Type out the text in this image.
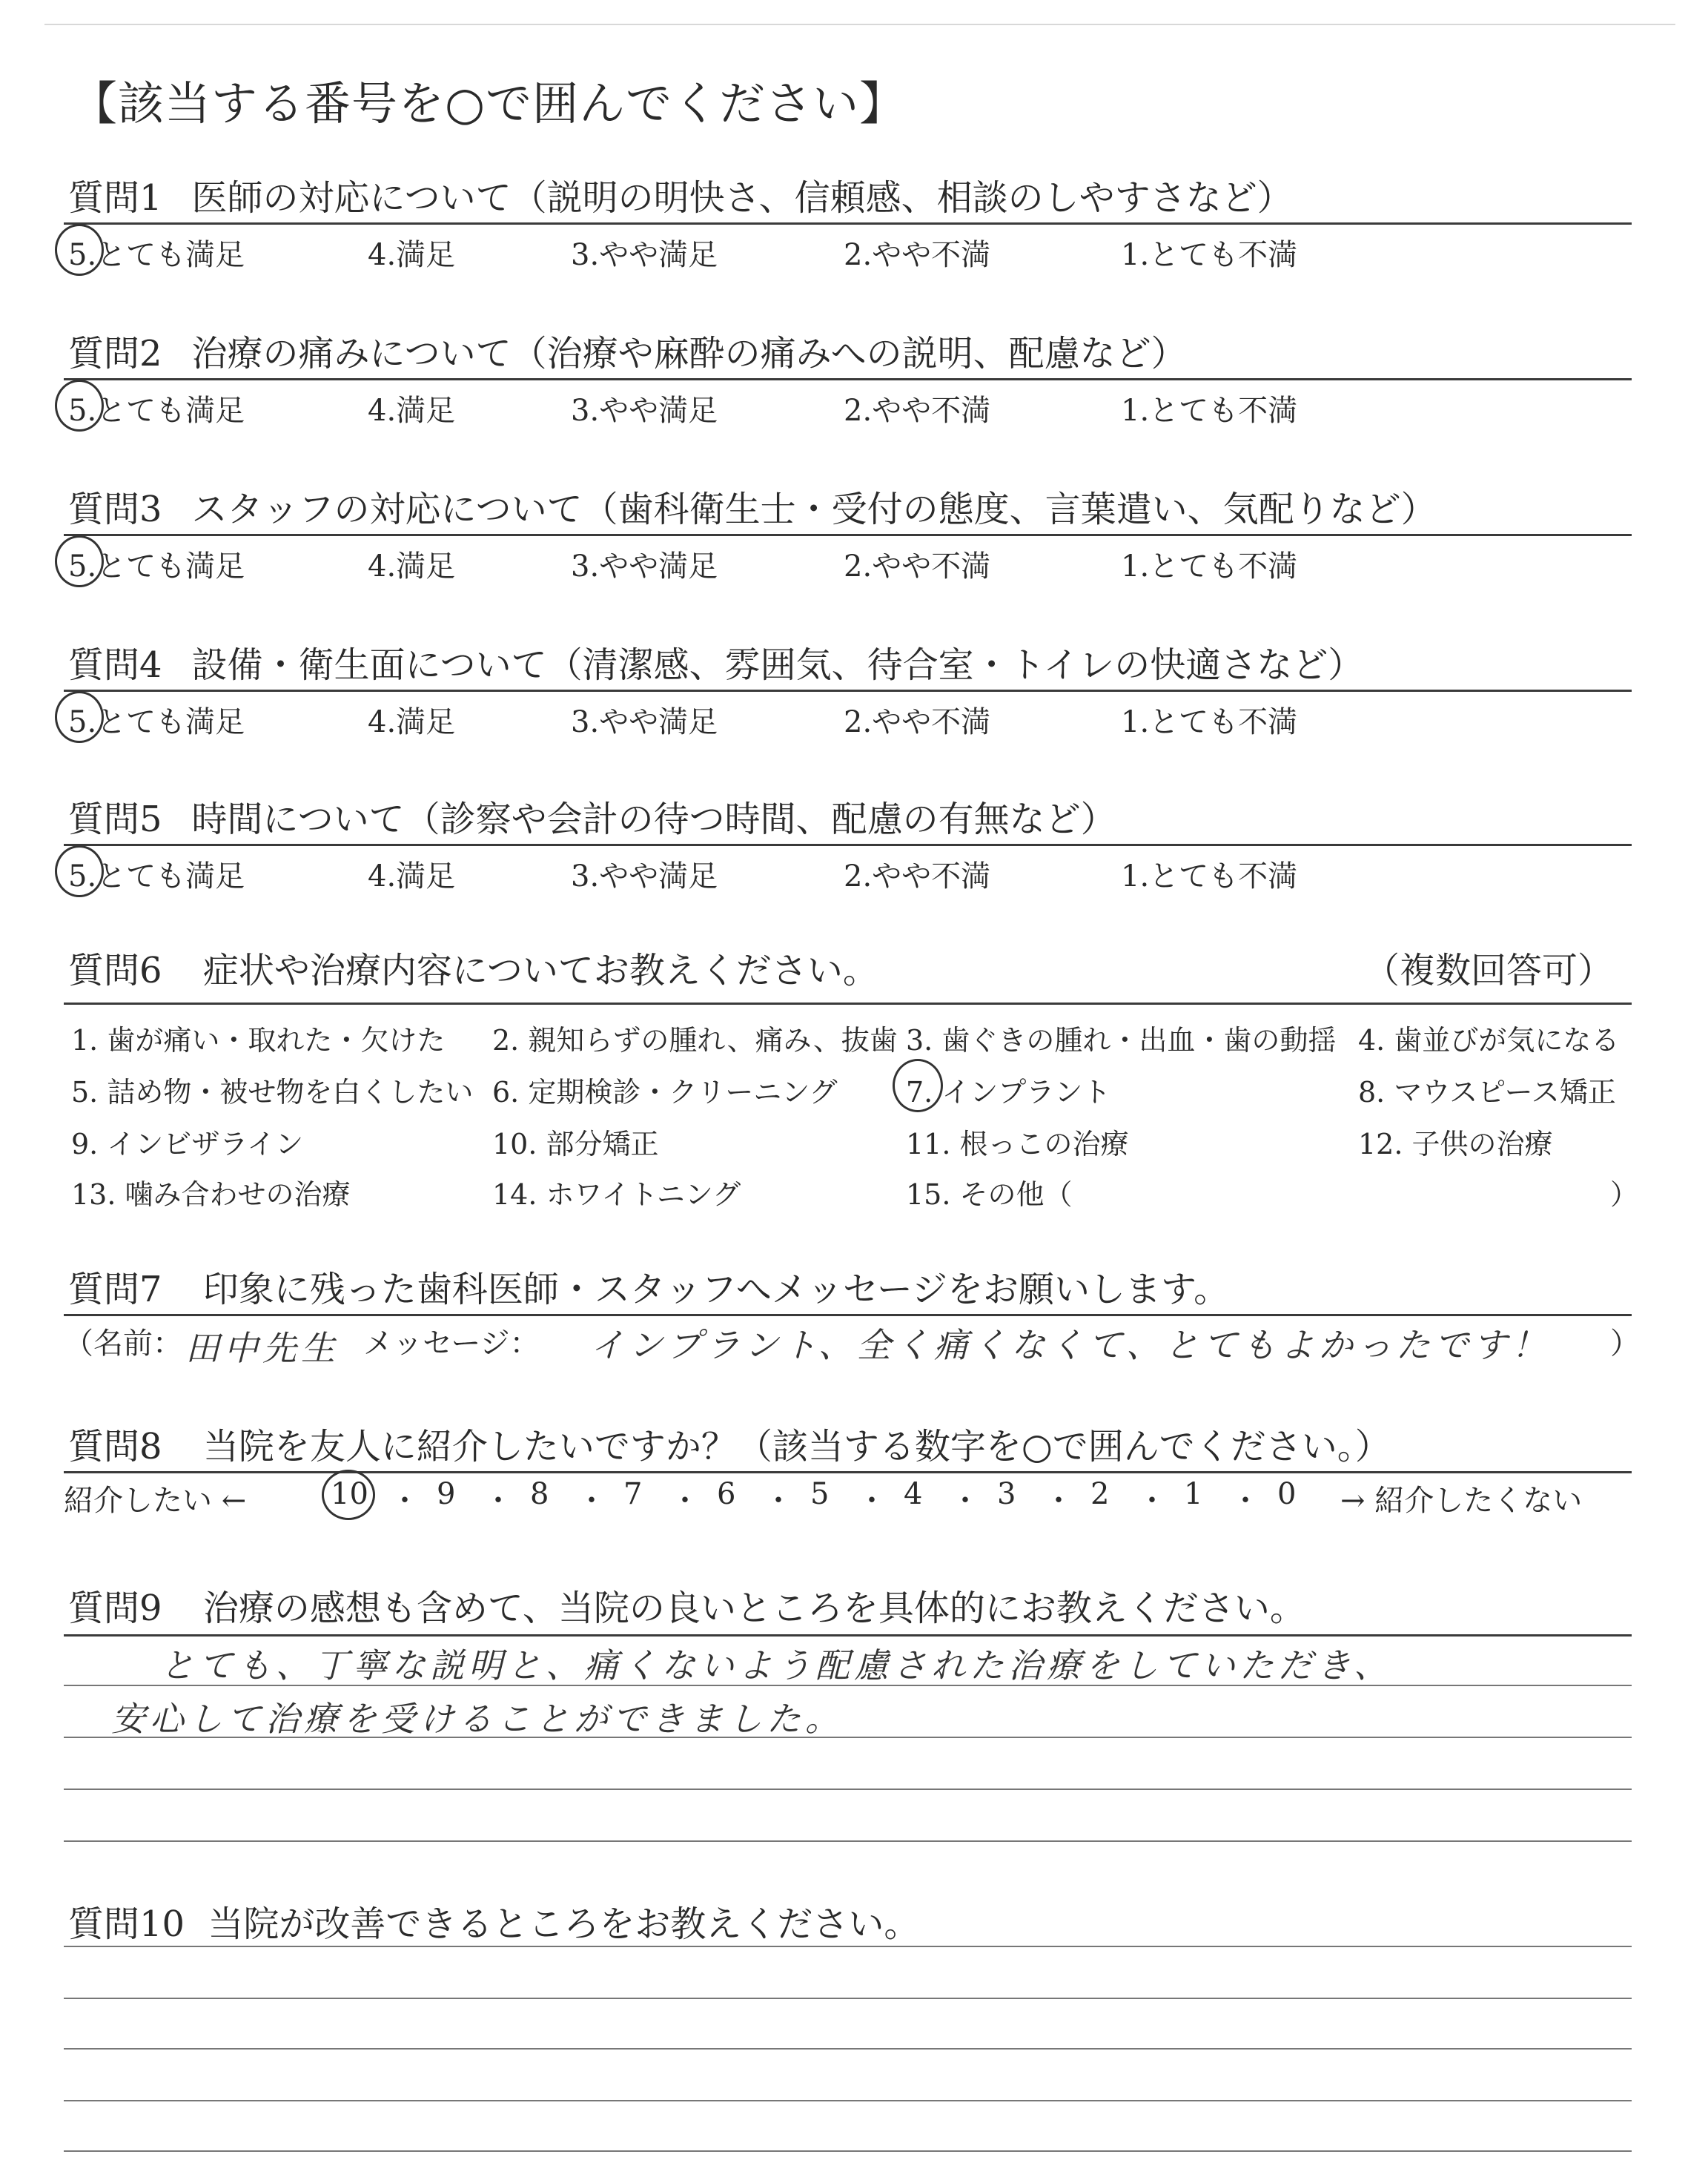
【該当する番号を○で囲んでください】
質問1 医師の対応について（説明の明快さ、信頼感、相談のしやすさなど）
5.とても満足	4.満足	3.やや満足	2.やや不満	1.とても不満
質問2 治療の痛みについて（治療や麻酔の痛みへの説明、配慮など）
5.とても満足	4.満足	3.やや満足	2.やや不満	1.とても不満
質問3 スタッフの対応について（歯科衛生士・受付の態度、言葉遣い、気配りなど）
5.とても満足	4.満足	3.やや満足	2.やや不満	1.とても不満
質問4 設備・衛生面について（清潔感、雰囲気、待合室・トイレの快適さなど）
5.とても満足	4.満足	3.やや満足	2.やや不満	1.とても不満
質問5 時間について（診察や会計の待つ時間、配慮の有無など）
5.とても満足	4.満足	3.やや満足	2.やや不満	1.とても不満
質問6 症状や治療内容についてお教えください。	（複数回答可）
1. 歯が痛い・取れた・欠けた 2. 親知らずの腫れ、痛み、抜歯 3. 歯ぐきの腫れ・出血・歯の動揺 4. 歯並びが気になる
5. 詰め物・被せ物を白くしたい 6. 定期検診・クリーニング 7. インプラント	8. マウスピース矯正
9. インビザライン	10. 部分矯正	11. 根っこの治療	12. 子供の治療
13. 噛み合わせの治療	14. ホワイトニング	15. その他（	）
質問7 印象に残った歯科医師・スタッフへメッセージをお願いします。
（名前： 田中先生 メッセージ： インプラント、全く痛くなくて、とてもよかったです！ ）
質問8 当院を友人に紹介したいですか？（該当する数字を○で囲んでください。）
紹介したい ←	10 ・ 9 ・ 8 ・ 7 ・ 6 ・ 5 ・ 4 ・ 3 ・ 2 ・ 1 ・ 0 → 紹介したくない
質問9 治療の感想も含めて、当院の良いところを具体的にお教えください。
とても、丁寧な説明と、痛くないよう配慮された治療をしていただき、
安心して治療を受けることができました。
質問10 当院が改善できるところをお教えください。
